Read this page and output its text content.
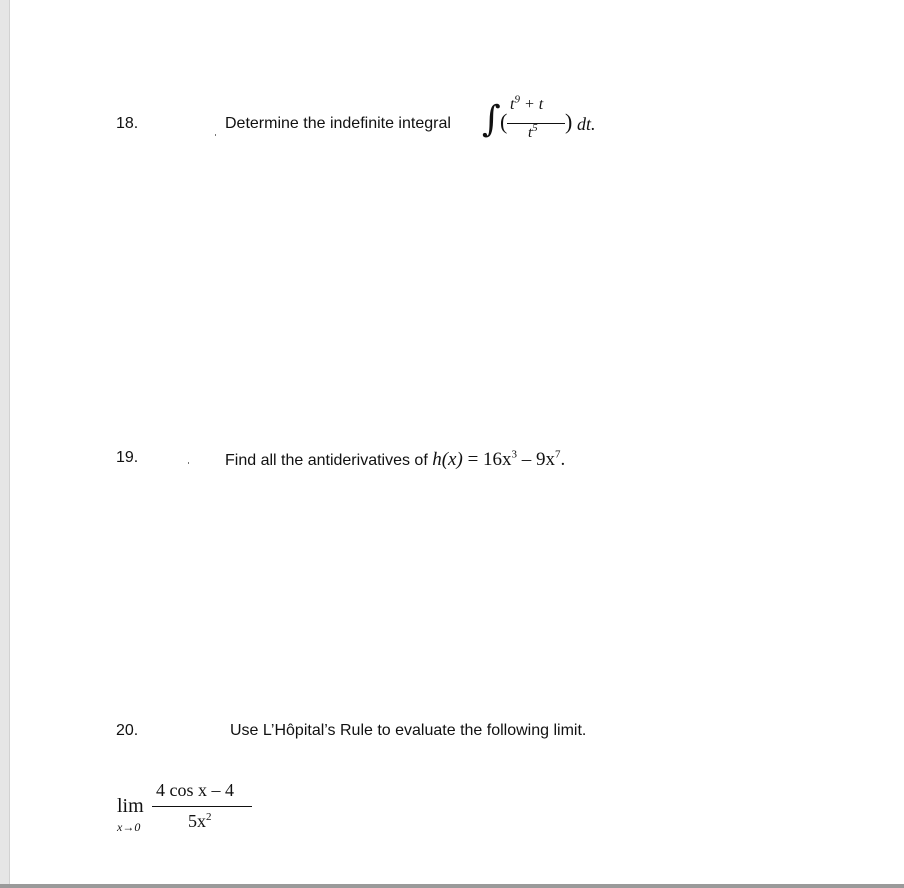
18.	Determine the indefinite integral ∫ (
$t^9 + t$
$t^5$ ) dt.
19.	Find all the antiderivatives of $h(x) = 16x^3 - 9x^7$.
20.	Use L’Hôpital’s Rule to evaluate the following limit.
lim
x→0
4 cos x – 4
$5x^2$
